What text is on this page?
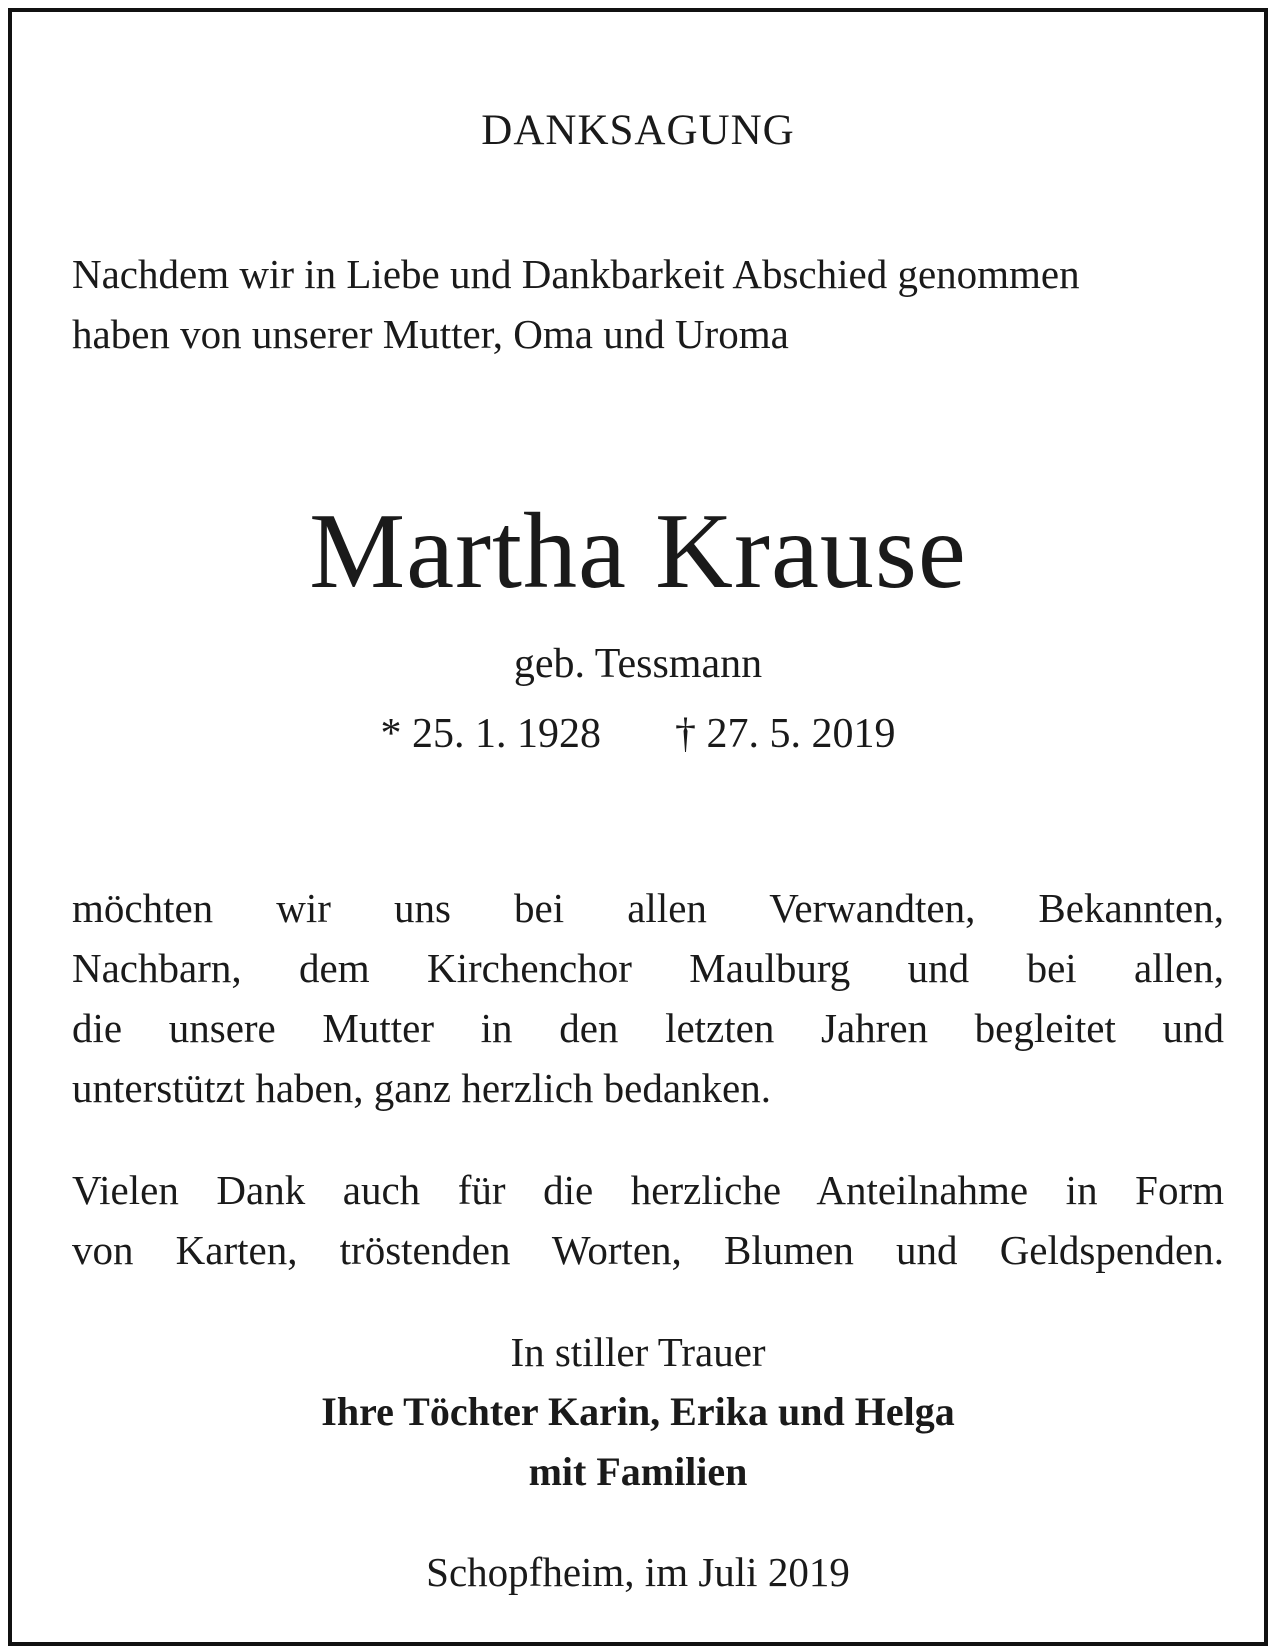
DANKSAGUNG

Nachdem wir in Liebe und Dankbarkeit Abschied genommen

haben von unserer Mutter, Oma und Uroma

Martha Krause

geb. Tessmann

* 25. 1. 1928 † 27. 5. 2019

möchten wir uns bei allen Verwandten, Bekannten,
Nachbarn, dem Kirchenchor Maulburg und bei allen,
die unsere Mutter in den letzten Jahren begleitet und
unterstützt haben, ganz herzlich bedanken.
Vielen Dank auch für die herzliche Anteilnahme in Form
von Karten, tröstenden Worten, Blumen und Geldspenden.

In stiller Trauer

Ihre Töchter Karin, Erika und Helga

mit Familien

Schopfheim, im Juli 2019
